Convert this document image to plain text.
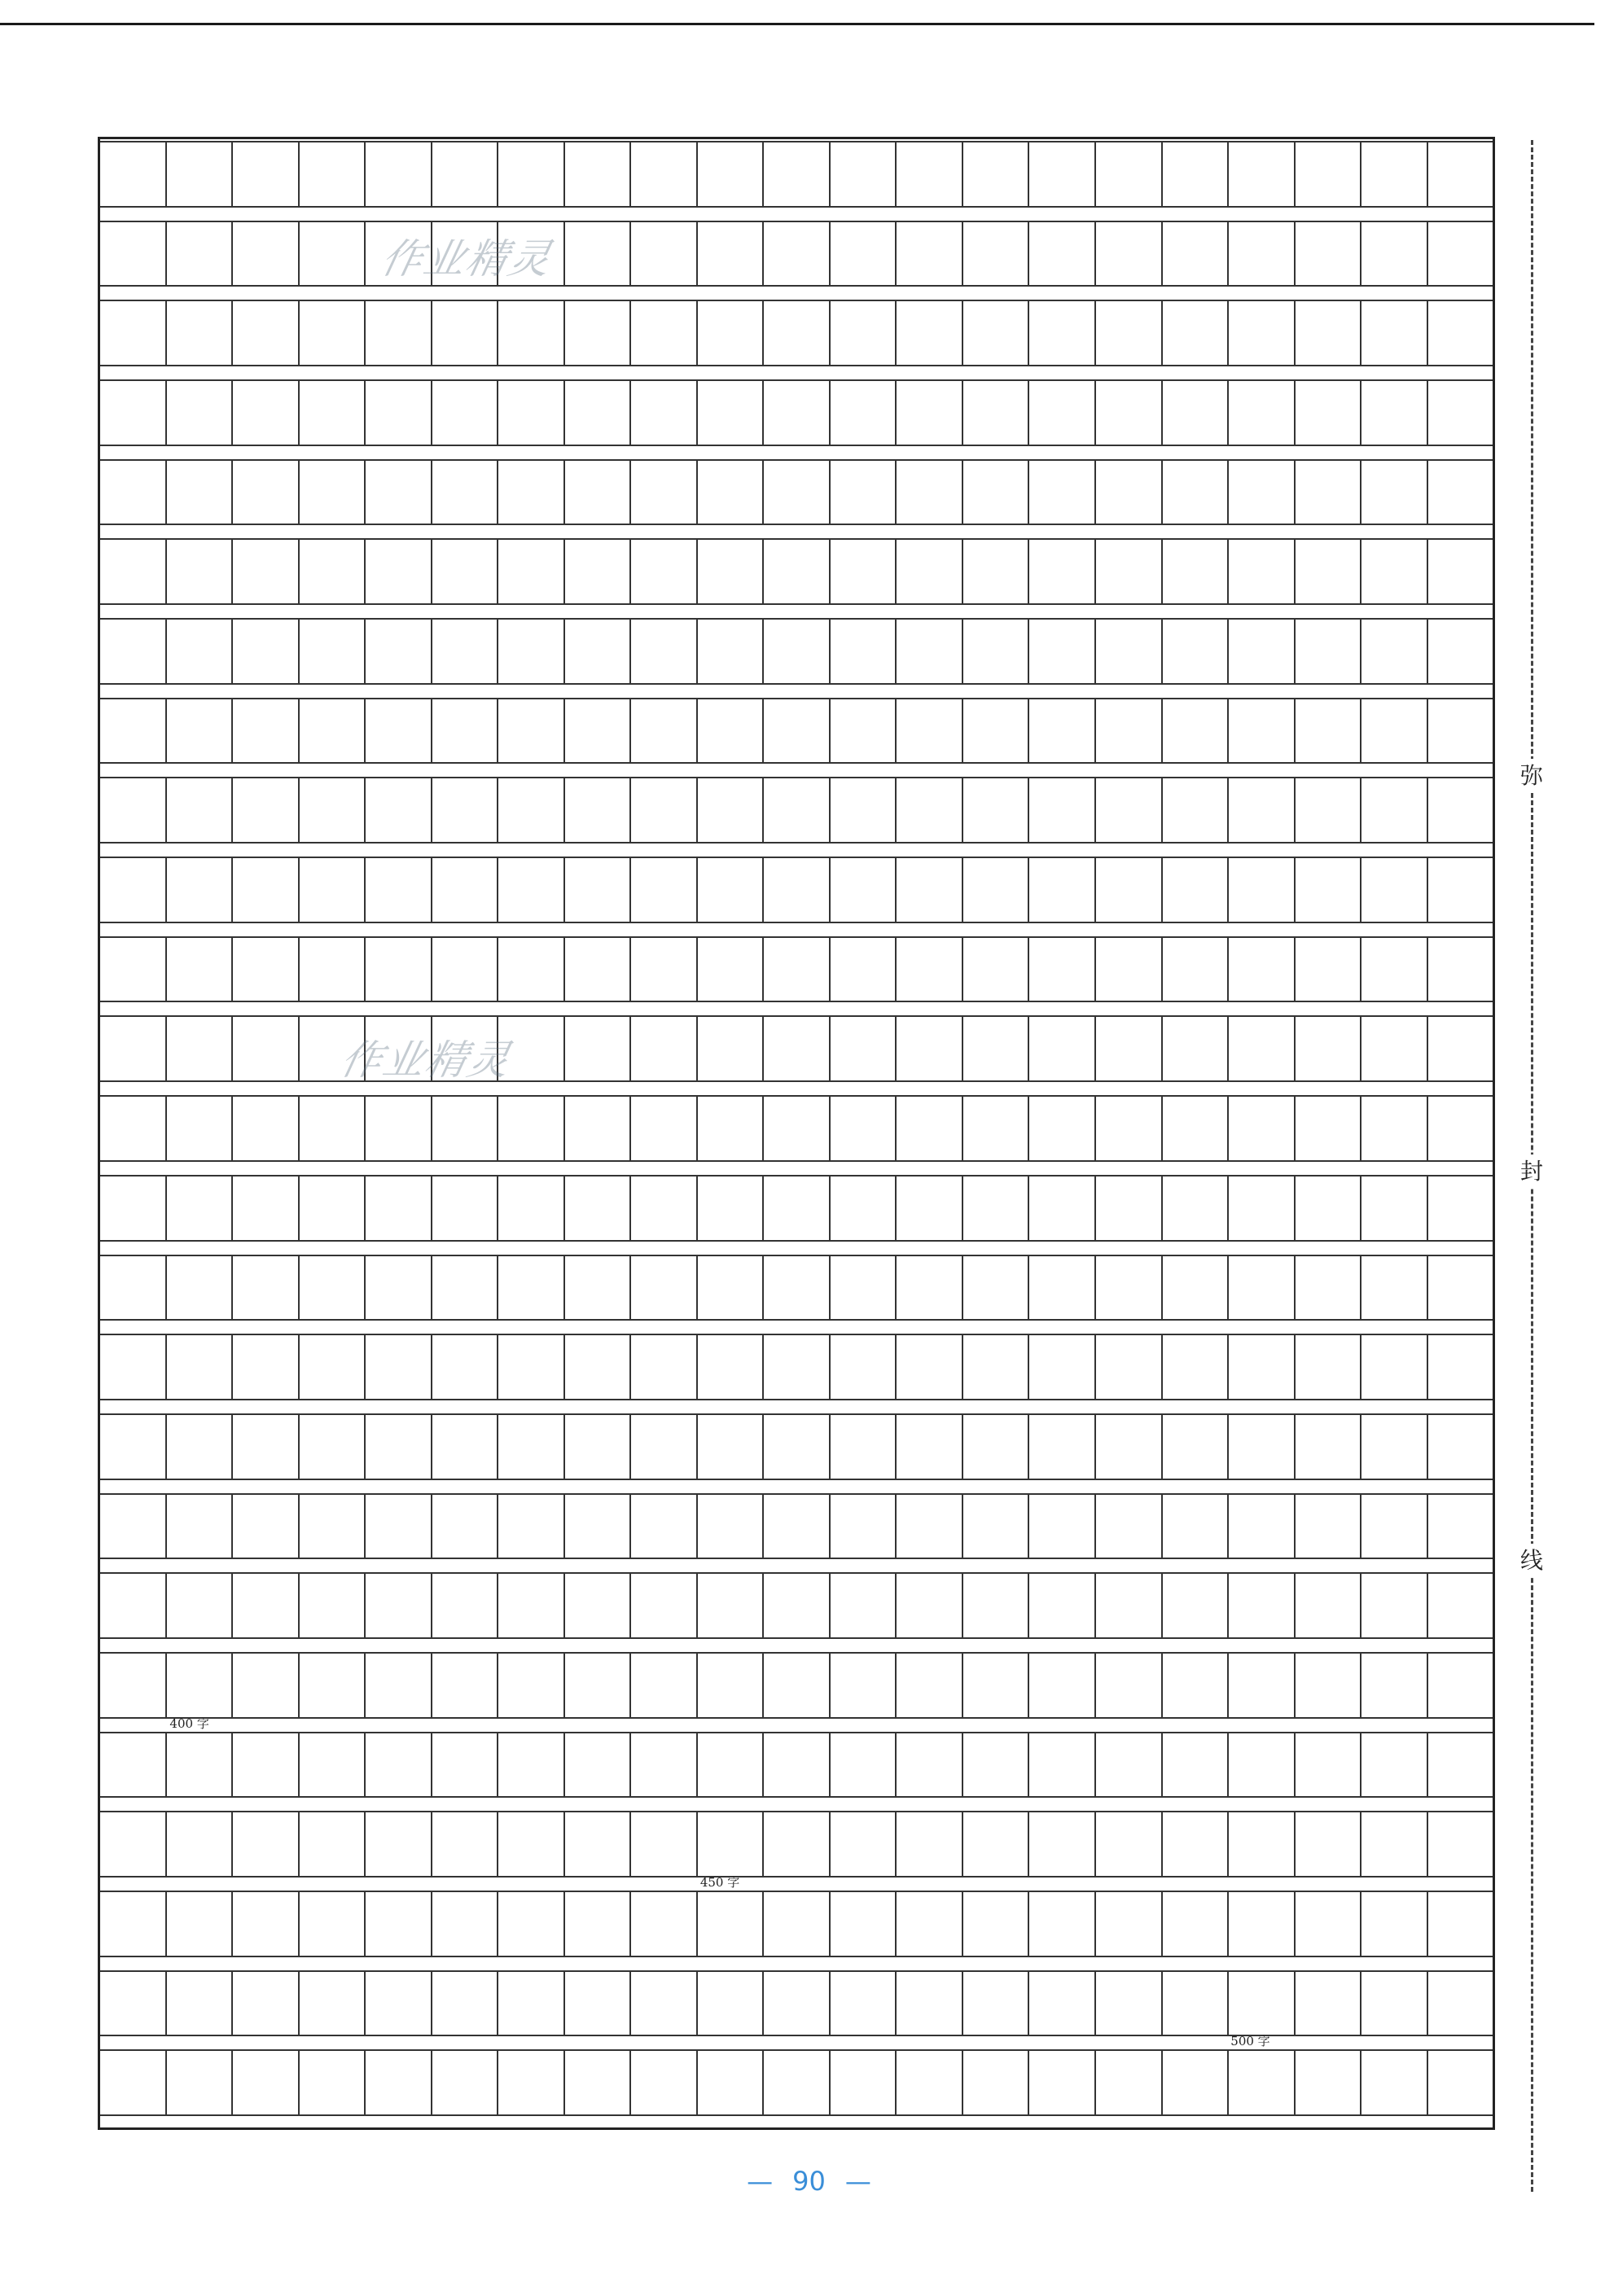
400 字
450 字
500 字
弥
封
线
作业精灵
作业精灵
— 90 —
